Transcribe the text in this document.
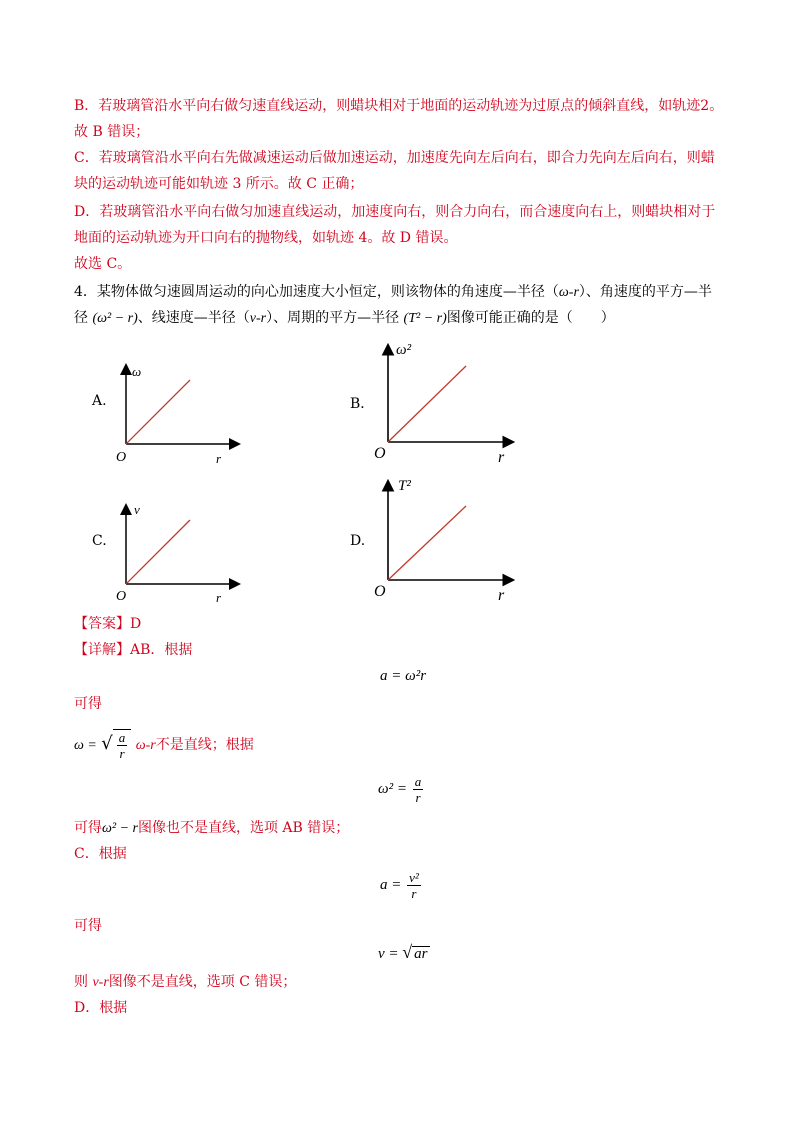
B．若玻璃管沿水平向右做匀速直线运动，则蜡块相对于地面的运动轨迹为过原点的倾斜直线，如轨迹2。
故 B 错误；
C．若玻璃管沿水平向右先做减速运动后做加速运动，加速度先向左后向右，即合力先向左后向右，则蜡
块的运动轨迹可能如轨迹 3 所示。故 C 正确；
D．若玻璃管沿水平向右做匀加速直线运动，加速度向右，则合力向右，而合速度向右上，则蜡块相对于
地面的运动轨迹为开口向右的抛物线，如轨迹 4。故 D 错误。
故选 C。
4．某物体做匀速圆周运动的向心加速度大小恒定，则该物体的角速度—半径（ω-r）、角速度的平方—半
径 (ω² − r)、线速度—半径（v-r）、周期的平方—半径 (T² − r)图像可能正确的是（　　）
A.	B．
C.	D.
ω
O	r
ω²
O	r
v
O	r
T²
O	r
【答案】D
【详解】AB．根据
a = ω²r
可得
ω = √ $\frac{a}{r} \omega-r$不是直线；根据
$\omega^2 = \frac{a}{r}$
可得ω² − r图像也不是直线，选项 AB 错误；
C．根据
$a = \frac{\text{v²}}{r}$
可得
v = √ ar
则 v-r图像不是直线，选项 C 错误；
D．根据
